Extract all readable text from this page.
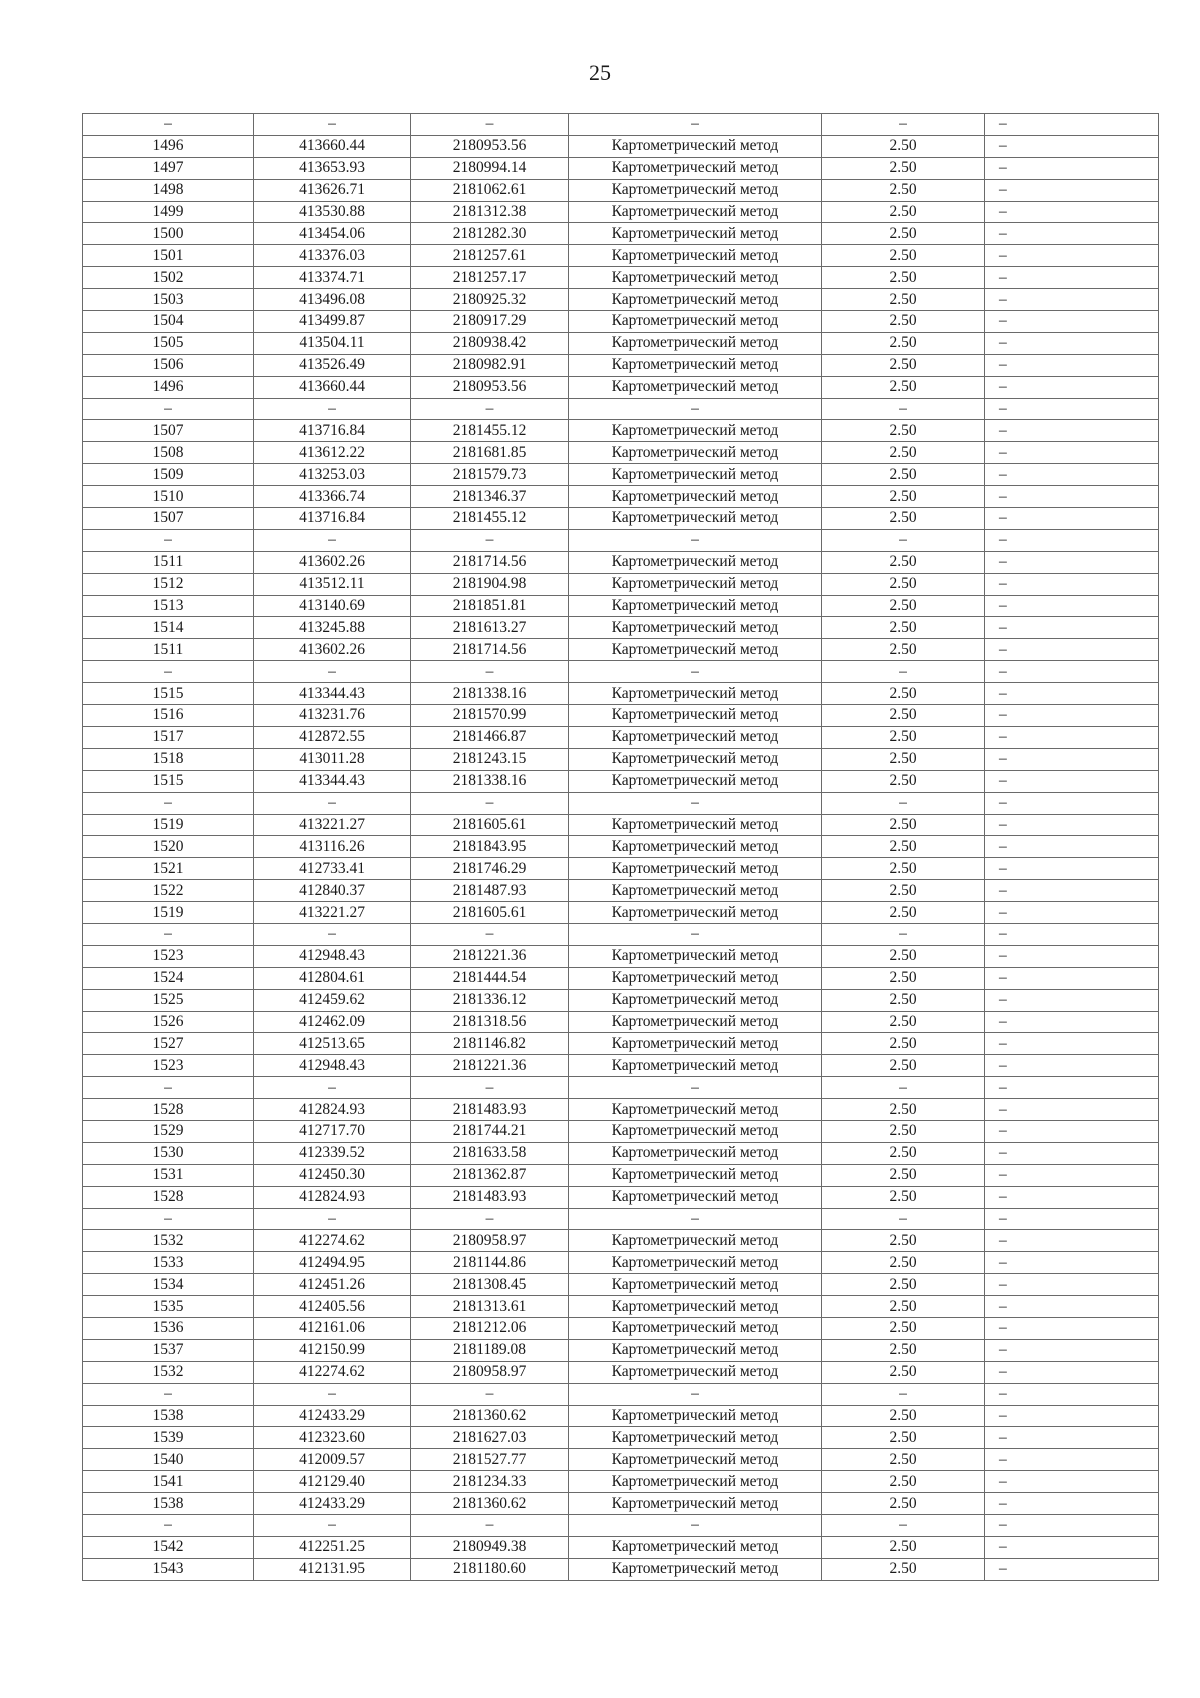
25
–	–	–	–	–	–
1496	413660.44	2180953.56	Картометрический метод	2.50	–
1497	413653.93	2180994.14	Картометрический метод	2.50	–
1498	413626.71	2181062.61	Картометрический метод	2.50	–
1499	413530.88	2181312.38	Картометрический метод	2.50	–
1500	413454.06	2181282.30	Картометрический метод	2.50	–
1501	413376.03	2181257.61	Картометрический метод	2.50	–
1502	413374.71	2181257.17	Картометрический метод	2.50	–
1503	413496.08	2180925.32	Картометрический метод	2.50	–
1504	413499.87	2180917.29	Картометрический метод	2.50	–
1505	413504.11	2180938.42	Картометрический метод	2.50	–
1506	413526.49	2180982.91	Картометрический метод	2.50	–
1496	413660.44	2180953.56	Картометрический метод	2.50	–
–	–	–	–	–	–
1507	413716.84	2181455.12	Картометрический метод	2.50	–
1508	413612.22	2181681.85	Картометрический метод	2.50	–
1509	413253.03	2181579.73	Картометрический метод	2.50	–
1510	413366.74	2181346.37	Картометрический метод	2.50	–
1507	413716.84	2181455.12	Картометрический метод	2.50	–
–	–	–	–	–	–
1511	413602.26	2181714.56	Картометрический метод	2.50	–
1512	413512.11	2181904.98	Картометрический метод	2.50	–
1513	413140.69	2181851.81	Картометрический метод	2.50	–
1514	413245.88	2181613.27	Картометрический метод	2.50	–
1511	413602.26	2181714.56	Картометрический метод	2.50	–
–	–	–	–	–	–
1515	413344.43	2181338.16	Картометрический метод	2.50	–
1516	413231.76	2181570.99	Картометрический метод	2.50	–
1517	412872.55	2181466.87	Картометрический метод	2.50	–
1518	413011.28	2181243.15	Картометрический метод	2.50	–
1515	413344.43	2181338.16	Картометрический метод	2.50	–
–	–	–	–	–	–
1519	413221.27	2181605.61	Картометрический метод	2.50	–
1520	413116.26	2181843.95	Картометрический метод	2.50	–
1521	412733.41	2181746.29	Картометрический метод	2.50	–
1522	412840.37	2181487.93	Картометрический метод	2.50	–
1519	413221.27	2181605.61	Картометрический метод	2.50	–
–	–	–	–	–	–
1523	412948.43	2181221.36	Картометрический метод	2.50	–
1524	412804.61	2181444.54	Картометрический метод	2.50	–
1525	412459.62	2181336.12	Картометрический метод	2.50	–
1526	412462.09	2181318.56	Картометрический метод	2.50	–
1527	412513.65	2181146.82	Картометрический метод	2.50	–
1523	412948.43	2181221.36	Картометрический метод	2.50	–
–	–	–	–	–	–
1528	412824.93	2181483.93	Картометрический метод	2.50	–
1529	412717.70	2181744.21	Картометрический метод	2.50	–
1530	412339.52	2181633.58	Картометрический метод	2.50	–
1531	412450.30	2181362.87	Картометрический метод	2.50	–
1528	412824.93	2181483.93	Картометрический метод	2.50	–
–	–	–	–	–	–
1532	412274.62	2180958.97	Картометрический метод	2.50	–
1533	412494.95	2181144.86	Картометрический метод	2.50	–
1534	412451.26	2181308.45	Картометрический метод	2.50	–
1535	412405.56	2181313.61	Картометрический метод	2.50	–
1536	412161.06	2181212.06	Картометрический метод	2.50	–
1537	412150.99	2181189.08	Картометрический метод	2.50	–
1532	412274.62	2180958.97	Картометрический метод	2.50	–
–	–	–	–	–	–
1538	412433.29	2181360.62	Картометрический метод	2.50	–
1539	412323.60	2181627.03	Картометрический метод	2.50	–
1540	412009.57	2181527.77	Картометрический метод	2.50	–
1541	412129.40	2181234.33	Картометрический метод	2.50	–
1538	412433.29	2181360.62	Картометрический метод	2.50	–
–	–	–	–	–	–
1542	412251.25	2180949.38	Картометрический метод	2.50	–
1543	412131.95	2181180.60	Картометрический метод	2.50	–
